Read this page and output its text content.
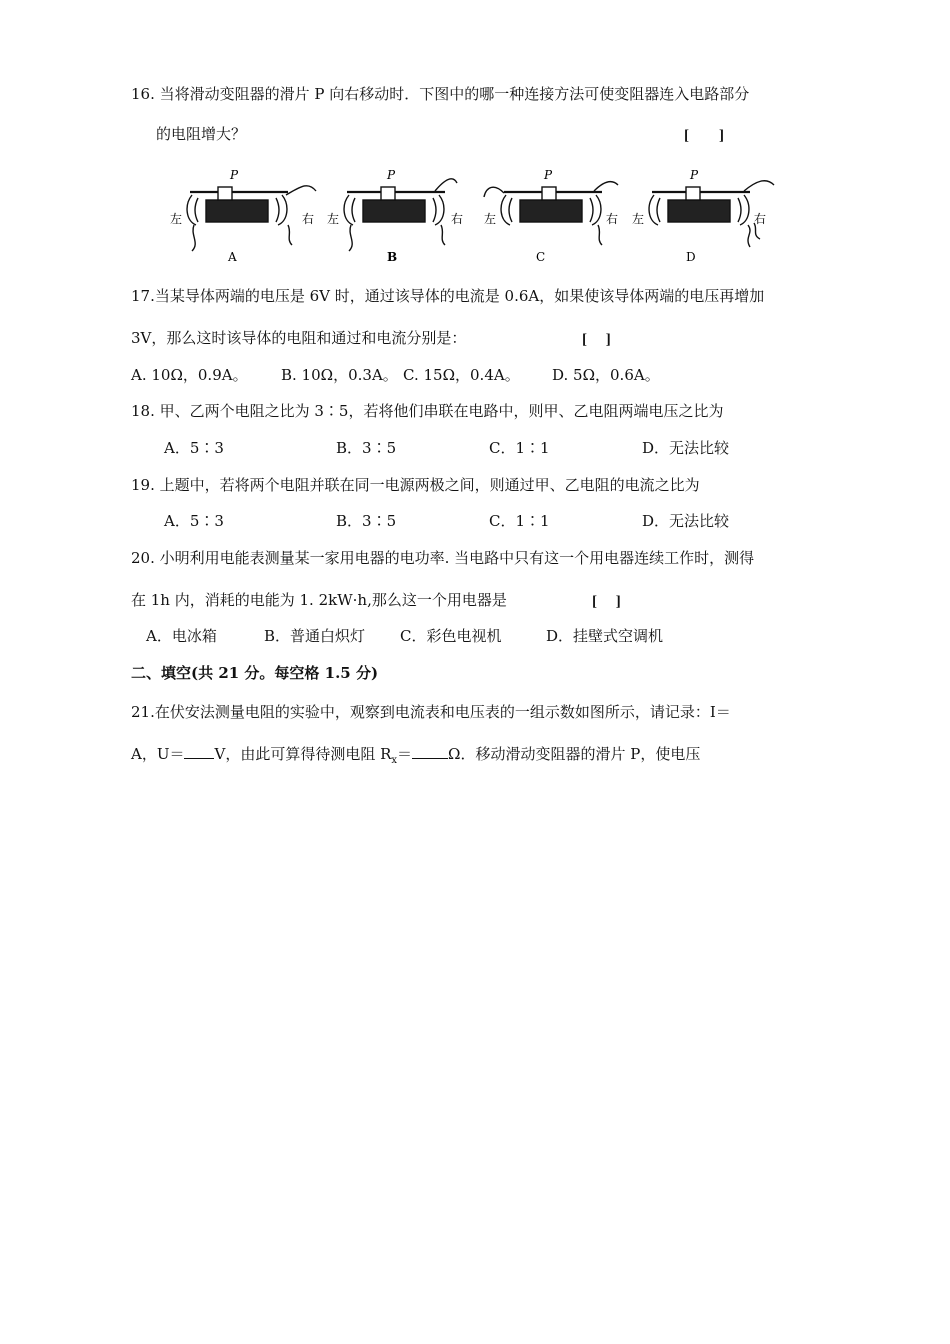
16. 当将滑动变阻器的滑片 P 向右移动时．下图中的哪一种连接方法可使变阻器连入电路部分
的电阻增大？	[　　]
P
左	右
A
P
左	右
B
P
左	右
C
P
左	右
D
17.当某导体两端的电压是 6V 时，通过该导体的电流是 0.6A，如果使该导体两端的电压再增加
3V，那么这时该导体的电阻和通过和电流分别是：	[　 ]
A. 10Ω，0.9A。 B. 10Ω，0.3A。 C. 15Ω，0.4A。 D. 5Ω，0.6A。
18. 甲、乙两个电阻之比为 3∶5，若将他们串联在电路中，则甲、乙电阻两端电压之比为
A．5∶3	B．3∶5	C．1∶1	D．无法比较
19. 上题中，若将两个电阻并联在同一电源两极之间，则通过甲、乙电阻的电流之比为
A．5∶3	B．3∶5	C．1∶1	D．无法比较
20. 小明利用电能表测量某一家用电器的电功率. 当电路中只有这一个用电器连续工作时，测得
在 1h 内，消耗的电能为 1. 2kW·h,那么这一个用电器是	[　 ]
A．电冰箱	B．普通白炽灯 C．彩色电视机	D．挂壁式空调机
二、填空(共 21 分。每空格 1.5 分)
21.在伏安法测量电阻的实验中，观察到电流表和电压表的一组示数如图所示，请记录：I＝
A，U＝ V，由此可算得待测电阻 $R_x= \Omega$．移动滑动变阻器的滑片 P，使电压
